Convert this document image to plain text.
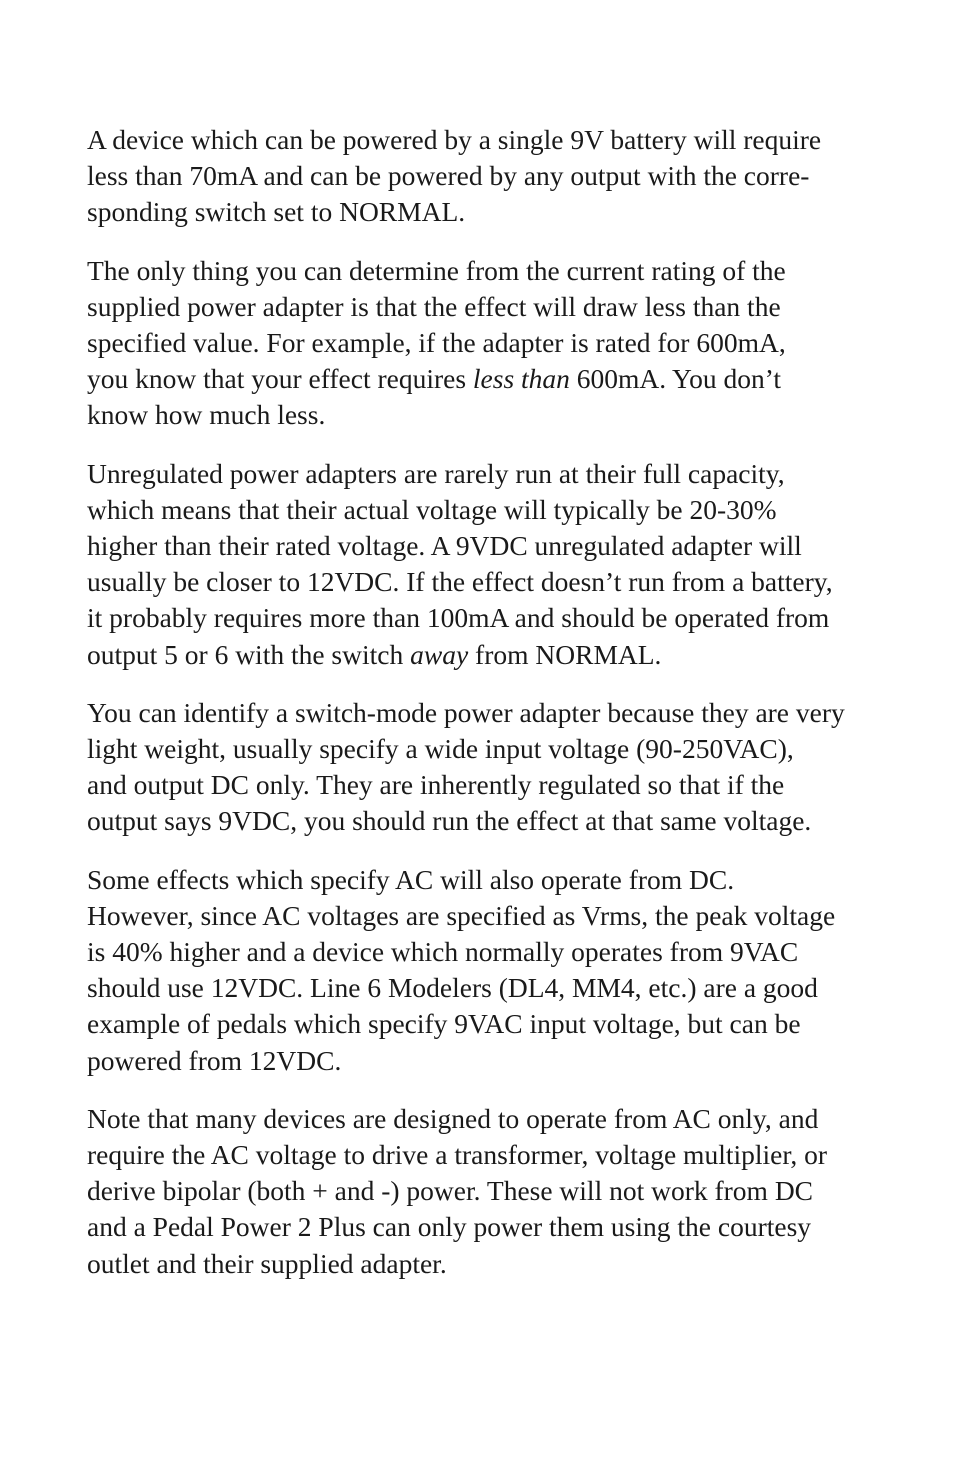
A device which can be powered by a single 9V battery will require
less than 70mA and can be powered by any output with the corre-
sponding switch set to NORMAL.

The only thing you can determine from the current rating of the
supplied power adapter is that the effect will draw less than the
specified value. For example, if the adapter is rated for 600mA,
you know that your effect requires less than 600mA. You don’t
know how much less.

Unregulated power adapters are rarely run at their full capacity,
which means that their actual voltage will typically be 20-30%
higher than their rated voltage. A 9VDC unregulated adapter will
usually be closer to 12VDC. If the effect doesn’t run from a battery,
it probably requires more than 100mA and should be operated from
output 5 or 6 with the switch away from NORMAL.

You can identify a switch-mode power adapter because they are very
light weight, usually specify a wide input voltage (90-250VAC),
and output DC only. They are inherently regulated so that if the
output says 9VDC, you should run the effect at that same voltage.

Some effects which specify AC will also operate from DC.
However, since AC voltages are specified as Vrms, the peak voltage
is 40% higher and a device which normally operates from 9VAC
should use 12VDC. Line 6 Modelers (DL4, MM4, etc.) are a good
example of pedals which specify 9VAC input voltage, but can be
powered from 12VDC.

Note that many devices are designed to operate from AC only, and
require the AC voltage to drive a transformer, voltage multiplier, or
derive bipolar (both + and -) power. These will not work from DC
and a Pedal Power 2 Plus can only power them using the courtesy
outlet and their supplied adapter.
